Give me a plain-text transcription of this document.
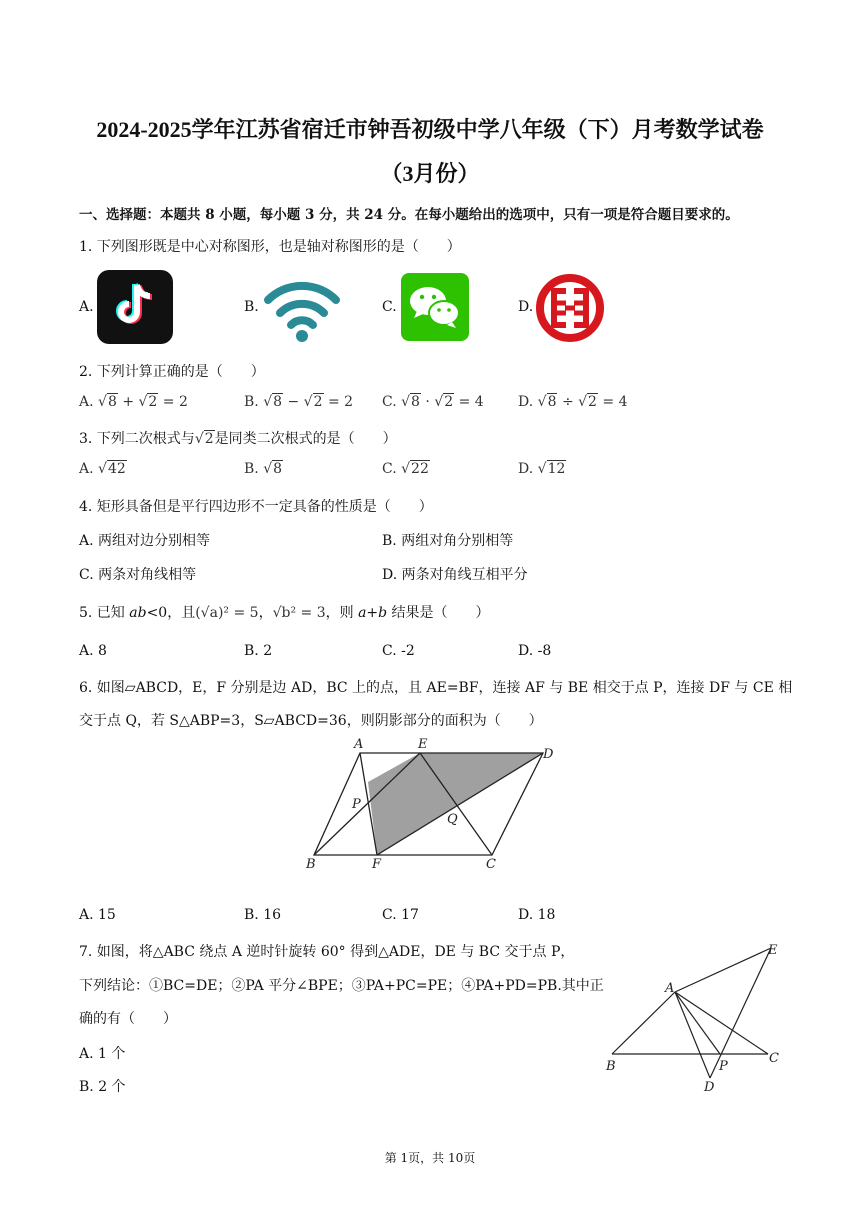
2024-2025学年江苏省宿迁市钟吾初级中学八年级（下）月考数学试卷
（3月份）
一、选择题：本题共 8 小题，每小题 3 分，共 24 分。在每小题给出的选项中，只有一项是符合题目要求的。
1. 下列图形既是中心对称图形，也是轴对称图形的是（　　）
A.	B.	C.	D.
2. 下列计算正确的是（　　）
A. √8 + √2 = 2	B. √8 − √2 = 2 C. √8 · √2 = 4 D. √8 ÷ √2 = 4
3. 下列二次根式与√2是同类二次根式的是（　　）
A. √42	B. √8	C. √22	D. √12
4. 矩形具备但是平行四边形不一定具备的性质是（　　）
A. 两组对边分别相等	B. 两组对角分别相等
C. 两条对角线相等	D. 两条对角线互相平分
5. 已知 ab<0，且(√a)² = 5，√b² = 3，则 a+b 结果是（　　）
A. 8	B. 2	C. -2	D. -8
6. 如图▱ABCD，E，F 分别是边 AD，BC 上的点，且 AE=BF，连接 AF 与 BE 相交于点 P，连接 DF 与 CE 相
交于点 Q，若 S△ABP=3，S▱ABCD=36，则阴影部分的面积为（　　）
A	E
D
P
Q
B	F	C
A. 15	B. 16	C. 17	D. 18
7. 如图，将△ABC 绕点 A 逆时针旋转 60° 得到△ADE，DE 与 BC 交于点 P，
下列结论：①BC=DE；②PA 平分∠BPE；③PA+PC=PE；④PA+PD=PB.其中正
确的有（　　）
A. 1 个
B. 2 个
E
A
B	P
C
D
第 1页，共 10页
